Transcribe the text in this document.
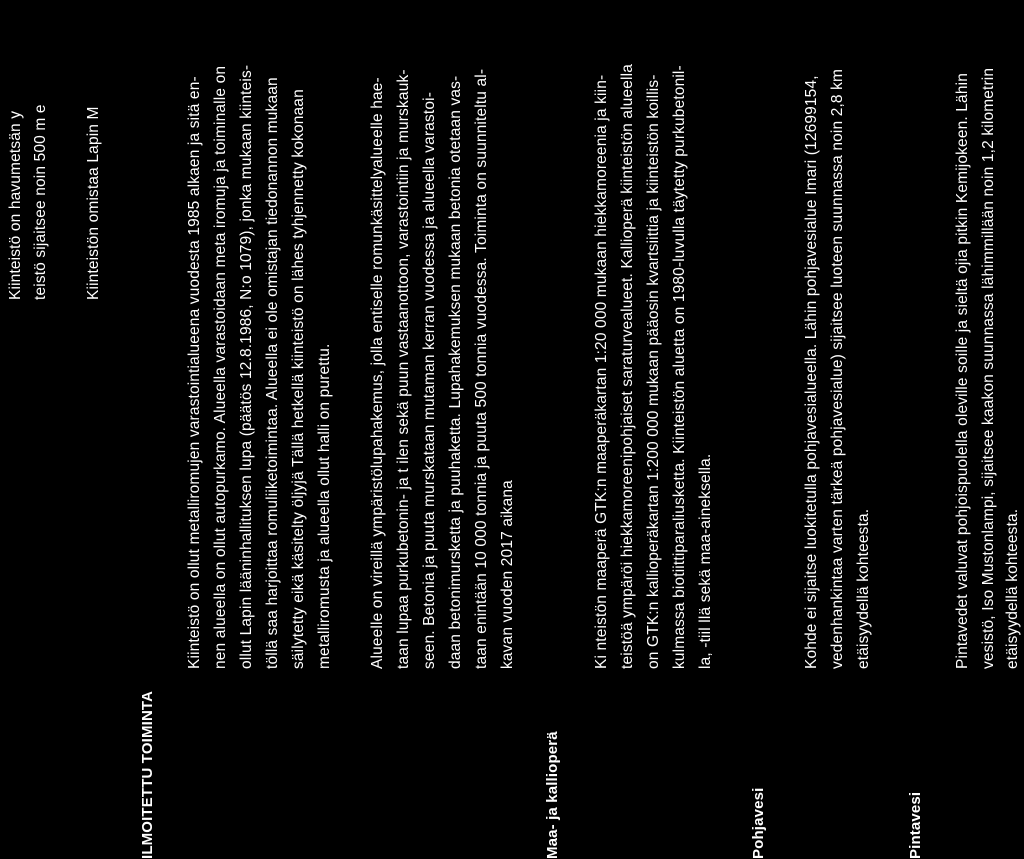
Kiinteistö on havumetsän y teistö sijaitsee noin 500 m e Kiinteistön omistaa Lapin M
ILMOITETTU TOIMINTA
Kiinteistö on ollut metalliromujen varastointialueena vuodesta 1985 alkaen ja sitä en- nen alueella on ollut autopurkamo. Alueella varastoidaan meta iromuja ja toiminalle on ollut Lapin lääninhallituksen lupa (päätös 12.8.1986, N:o 1079), jonka mukaan kiinteis- töllä saa harjoittaa romuliiketoimintaa. Alueella ei ole omistajan tiedonannon mukaan säilytetty eikä käsitelty öljyjä Tällä hetkellä kiinteistö on lähes tyhjennetty kokonaan metalliromusta ja alueella ollut halli on purettu. Alueelle on vireillä ympäristölupahakemus, jolla entiselle romunkäsittelyalueelle hae- taan lupaa purkubetonin- ja t ilen sekä puun vastaanottoon, varastointiin ja murskauk- seen. Betonia ja puuta murskataan mutaman kerran vuodessa ja alueella varastoi- daan betonimursketta ja puuhaketta. Lupahakemuksen mukaan betonia otetaan vas- taan enintään 10 000 tonnia ja puuta 500 tonnia vuodessa. Toiminta on suunniteltu al- kavan vuoden 2017 aikana
Maa- ja kallioperä
Ki nteistön maaperä GTK:n maaperäkartan 1:20 000 mukaan hiekkamoreenia ja kiin- teistöä ympäröi hiekkamoreenipohjaiset saraturvealueet. Kallioperä kiinteistön alueella on GTK:n kallioperäkartan 1:200 000 mukaan pääosin kvartsiittia ja kiinteistön koillis- kulmassa biotiittiparaliusketta. Kiinteistön aluetta on 1980-luvulla täytetty purkubetonil- la, -tiil llä sekä maa-aineksella.
Pohjavesi
Kohde ei sijaitse luokitetulla pohjavesialueella. Lähin pohjavesialue Imari (12699154, vedenhankintaa varten tärkeä pohjavesialue) sijaitsee luoteen suunnassa noin 2,8 km etäisyydellä kohteesta.
Pintavesi
Pintavedet valuvat pohjoispuolella oleville soille ja sieltä ojia pitkin Kemijokeen. Lähin vesistö, Iso Mustonlampi, sijaitsee kaakon suunnassa lähimmillään noin 1,2 kilometrin etäisyydellä kohteesta.
